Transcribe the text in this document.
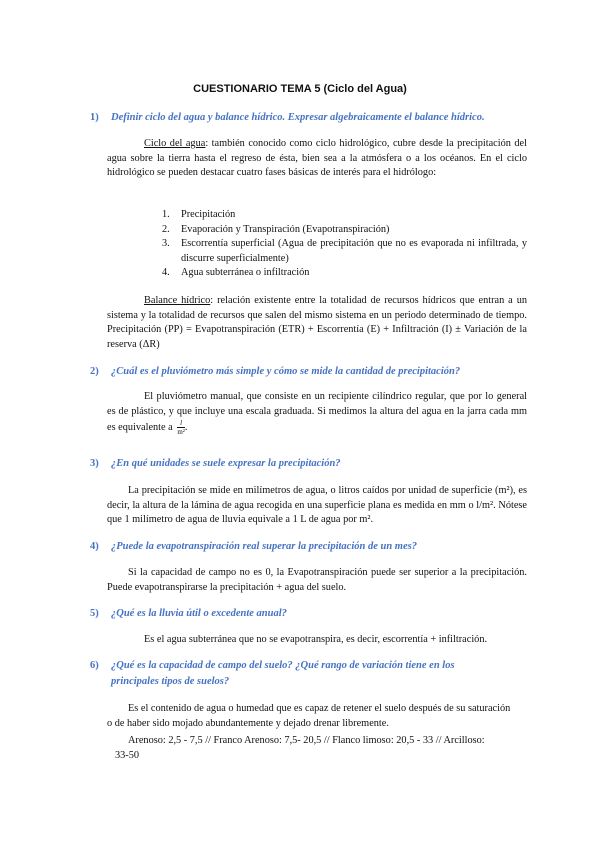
CUESTIONARIO TEMA 5 (Ciclo del Agua)
1) Definir ciclo del agua y balance hídrico. Expresar algebraicamente el balance hídrico.
Ciclo del agua: también conocido como ciclo hidrológico, cubre desde la precipitación del agua sobre la tierra hasta el regreso de ésta, bien sea a la atmósfera o a los océanos. En el ciclo hidrológico se pueden destacar cuatro fases básicas de interés para el hidrólogo:
1. Precipitación
2. Evaporación y Transpiración (Evapotranspiración)
3. Escorrentía superficial (Agua de precipitación que no es evaporada ni infiltrada, y discurre superficialmente)
4. Agua subterránea o infiltración
Balance hídrico: relación existente entre la totalidad de recursos hídricos que entran a un sistema y la totalidad de recursos que salen del mismo sistema en un periodo determinado de tiempo. Precipitación (PP) = Evapotranspiración (ETR) + Escorrentía (E) + Infiltración (I) ± Variación de la reserva (ΔR)
2) ¿Cuál es el pluviómetro más simple y cómo se mide la cantidad de precipitación?
El pluviómetro manual, que consiste en un recipiente cilíndrico regular, que por lo general es de plástico, y que incluye una escala graduada. Si medimos la altura del agua en la jarra cada mm es equivalente a $\frac{l}{\text{m²}}$ .
3) ¿En qué unidades se suele expresar la precipitación?
La precipitación se mide en milímetros de agua, o litros caídos por unidad de superficie (m²), es decir, la altura de la lámina de agua recogida en una superficie plana es medida en mm o l/m². Nótese que 1 milímetro de agua de lluvia equivale a 1 L de agua por m².
4) ¿Puede la evapotranspiración real superar la precipitación de un mes?
Si la capacidad de campo no es 0, la Evapotranspiración puede ser superior a la precipitación. Puede evapotranspirarse la precipitación + agua del suelo.
5) ¿Qué es la lluvia útil o excedente anual?
Es el agua subterránea que no se evapotranspira, es decir, escorrentía + infiltración.
6) ¿Qué es la capacidad de campo del suelo? ¿Qué rango de variación tiene en los
principales tipos de suelos?
Es el contenido de agua o humedad que es capaz de retener el suelo después de su saturación o de haber sido mojado abundantemente y dejado drenar libremente.
Arenoso: 2,5 - 7,5 // Franco Arenoso: 7,5- 20,5 // Flanco limoso: 20,5 - 33 // Arcilloso:
33-50
